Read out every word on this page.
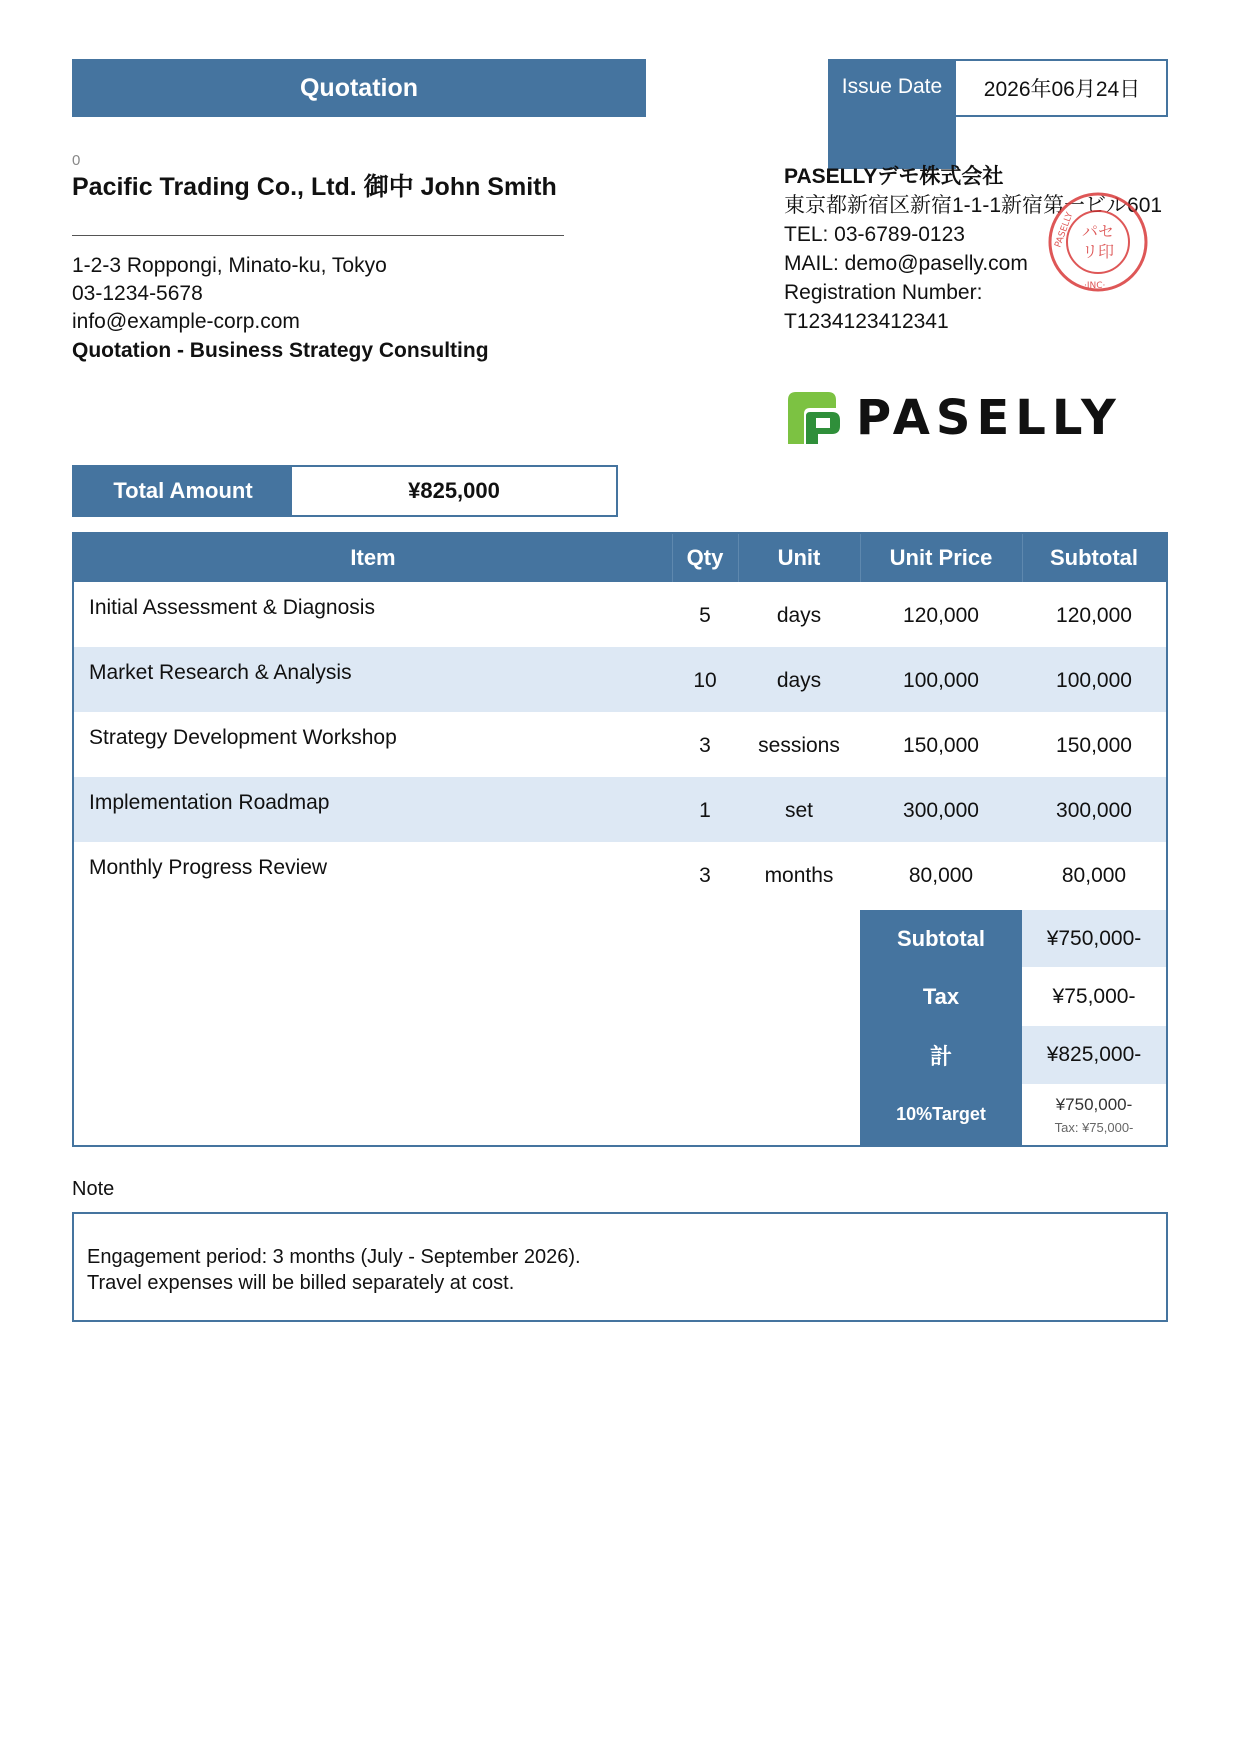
Quotation	Issue Date	2026年06月24日
0
Pacific Trading Co., Ltd. 御中 John Smith
1-2-3 Roppongi, Minato-ku, Tokyo
03-1234-5678
info@example-corp.com
Quotation - Business Strategy Consulting
PASELLYデモ株式会社
東京都新宿区新宿1-1-1新宿第一ビル601
TEL: 03-6789-0123
MAIL: demo@paselly.com
Registration Number:
T1234123412341
パセ
リ印
PASELLY
·INC·
PASELLY
Total Amount	¥825,000
Item	Qty	Unit	Unit Price	Subtotal
Initial Assessment & Diagnosis	5	days	120,000	120,000
Market Research & Analysis	10	days	100,000	100,000
Strategy Development Workshop	3	sessions	150,000	150,000
Implementation Roadmap	1	set	300,000	300,000
Monthly Progress Review	3	months	80,000	80,000
Subtotal	¥750,000-
Tax	¥75,000-
計	¥825,000-
10%Target	¥750,000-
Tax: ¥75,000-
Note
Engagement period: 3 months (July - September 2026).
Travel expenses will be billed separately at cost.
